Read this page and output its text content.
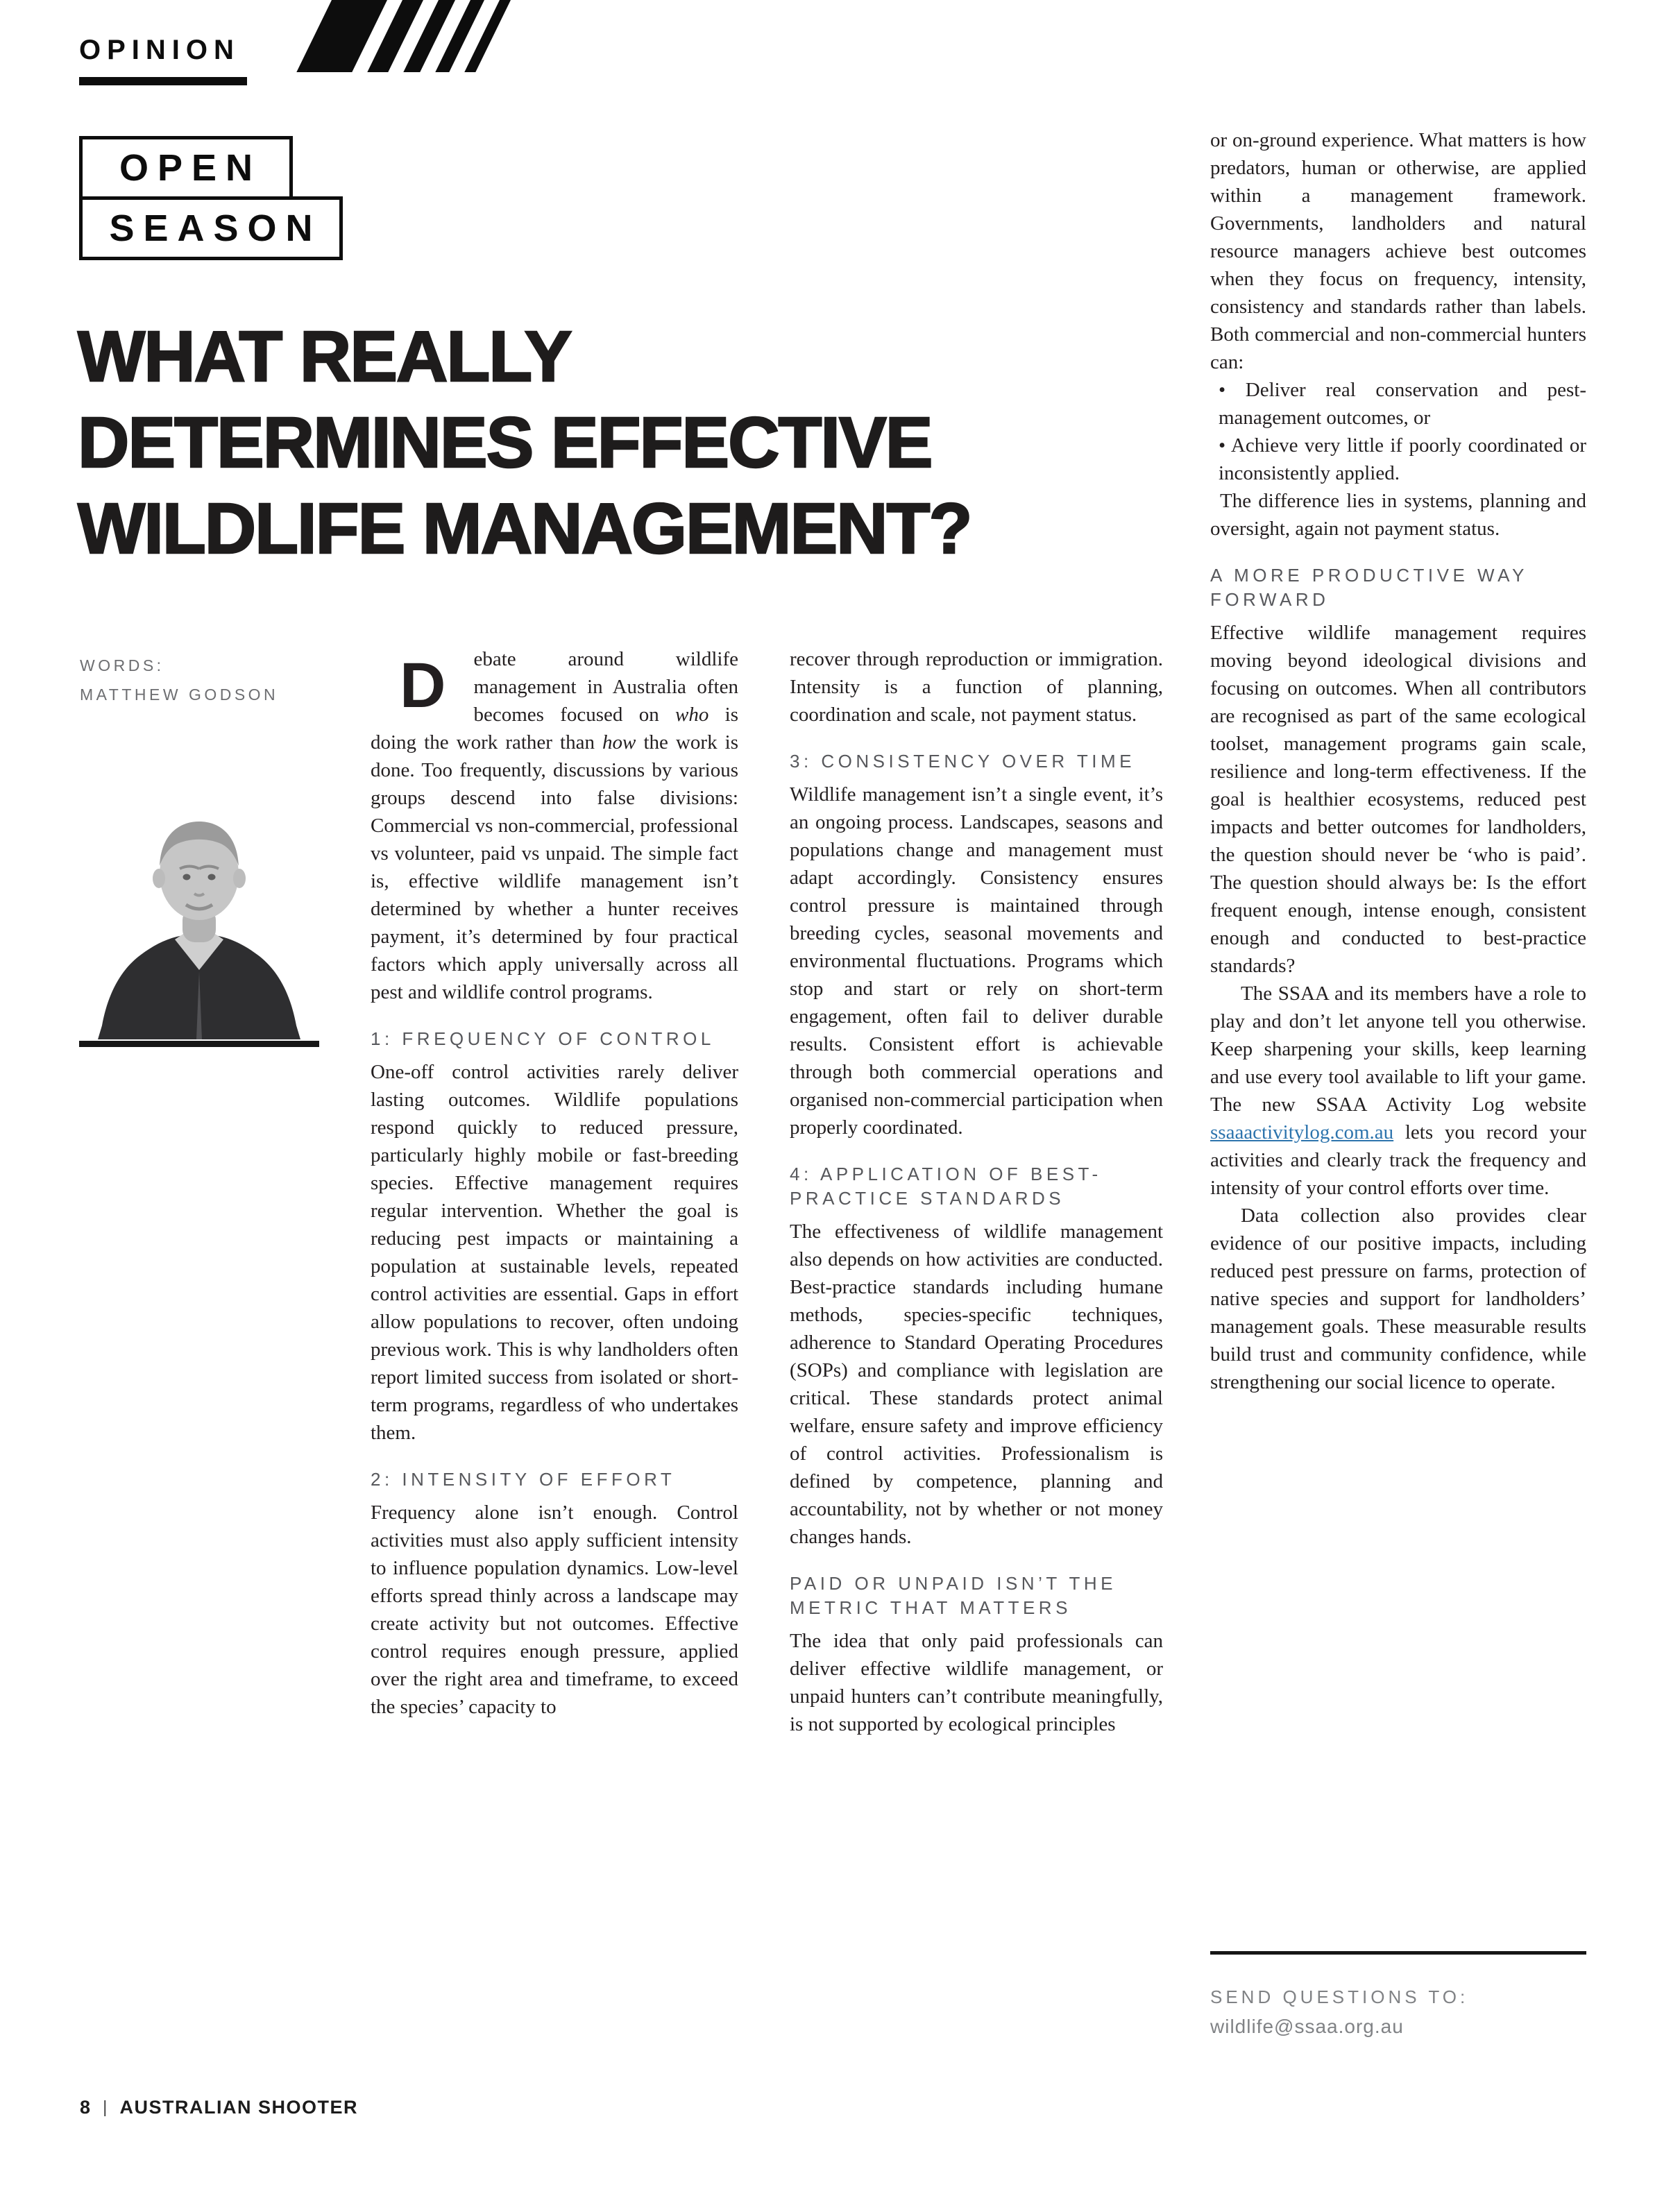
OPINION
OPEN
SEASON
WHAT REALLY
DETERMINES EFFECTIVE
WILDLIFE MANAGEMENT?
WORDS:
MATTHEW GODSON D ebate around wildlife management in Australia often becomes focused on who is doing the work rather than how the work is done. Too frequently, discussions by various groups descend into false divisions: Commercial vs non-commercial, professional vs volunteer, paid vs unpaid. The simple fact is, effective wildlife management isn’t determined by whether a hunter receives payment, it’s determined by four practical factors which apply universally across all pest and wildlife control programs.

1: FREQUENCY OF CONTROL

One-off control activities rarely deliver lasting outcomes. Wildlife populations respond quickly to reduced pressure, particularly highly mobile or fast-breeding species. Effective management requires regular intervention. Whether the goal is reducing pest impacts or maintaining a population at sustainable levels, repeated control activities are essential. Gaps in effort allow populations to recover, often undoing previous work. This is why landholders often report limited success from isolated or short-term programs, regardless of who undertakes them.

2: INTENSITY OF EFFORT

Frequency alone isn’t enough. Control activities must also apply sufficient intensity to influence population dynamics. Low-level efforts spread thinly across a landscape may create activity but not outcomes. Effective control requires enough pressure, applied over the right area and timeframe, to exceed the species’ capacity to

recover through reproduction or immigration. Intensity is a function of planning, coordination and scale, not payment status.

3: CONSISTENCY OVER TIME

Wildlife management isn’t a single event, it’s an ongoing process. Landscapes, seasons and populations change and management must adapt accordingly. Consistency ensures control pressure is maintained through breeding cycles, seasonal movements and environmental fluctuations. Programs which stop and start or rely on short-term engagement, often fail to deliver durable results. Consistent effort is achievable through both commercial operations and organised non-commercial participation when properly coordinated.

4: APPLICATION OF BEST-PRACTICE STANDARDS

The effectiveness of wildlife management also depends on how activities are conducted. Best-practice standards including humane methods, species-specific techniques, adherence to Standard Operating Procedures (SOPs) and compliance with legislation are critical. These standards protect animal welfare, ensure safety and improve efficiency of control activities. Professionalism is defined by competence, planning and accountability, not by whether or not money changes hands.

PAID OR UNPAID ISN’T THE METRIC THAT MATTERS

The idea that only paid professionals can deliver effective wildlife management, or unpaid hunters can’t contribute meaningfully, is not supported by ecological principles

or on-ground experience. What matters is how predators, human or otherwise, are applied within a management framework. Governments, landholders and natural resource managers achieve best outcomes when they focus on frequency, intensity, consistency and standards rather than labels. Both commercial and non-commercial hunters can:

• Deliver real conservation and pest-management outcomes, or

• Achieve very little if poorly coordinated or inconsistently applied.

The difference lies in systems, planning and oversight, again not payment status.

A MORE PRODUCTIVE WAY FORWARD

Effective wildlife management requires moving beyond ideological divisions and focusing on outcomes. When all contributors are recognised as part of the same ecological toolset, management programs gain scale, resilience and long-term effectiveness. If the goal is healthier ecosystems, reduced pest impacts and better outcomes for landholders, the question should never be ‘who is paid’. The question should always be: Is the effort frequent enough, intense enough, consistent enough and conducted to best-practice standards?

The SSAA and its members have a role to play and don’t let anyone tell you otherwise. Keep sharpening your skills, keep learning and use every tool available to lift your game. The new SSAA Activity Log website ssaaactivitylog.com.au lets you record your activities and clearly track the frequency and intensity of your control efforts over time.

Data collection also provides clear evidence of our positive impacts, including reduced pest pressure on farms, protection of native species and support for landholders’ management goals. These measurable results build trust and community confidence, while strengthening our social licence to operate.

SEND QUESTIONS TO:
wildlife@ssaa.org.au
8 | AUSTRALIAN SHOOTER
